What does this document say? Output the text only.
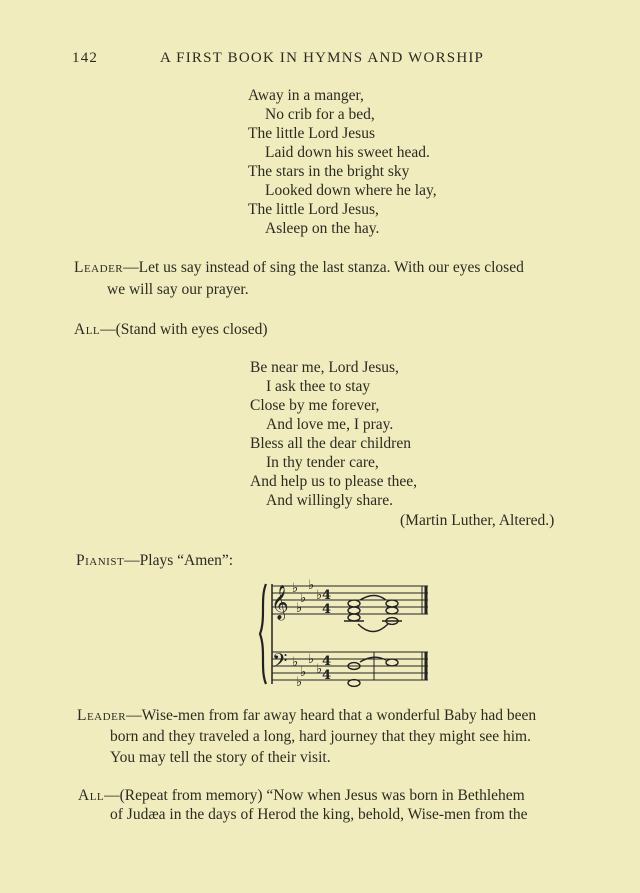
142	A FIRST BOOK IN HYMNS AND WORSHIP
Away in a manger,
No crib for a bed,
The little Lord Jesus
Laid down his sweet head.
The stars in the bright sky
Looked down where he lay,
The little Lord Jesus,
Asleep on the hay.
Leader—Let us say instead of sing the last stanza. With our eyes closed
we will say our prayer.
All—(Stand with eyes closed)
Be near me, Lord Jesus,
I ask thee to stay
Close by me forever,
And love me, I pray.
Bless all the dear children
In thy tender care,
And help us to please thee,
And willingly share.
(Martin Luther, Altered.)
Pianist—Plays “Amen”:
𝄞
𝄢
♭
♭
♭
♭
♭
♭
♭
♭
♭
♭
4
4
4
4
Leader—Wise-men from far away heard that a wonderful Baby had been
born and they traveled a long, hard journey that they might see him.
You may tell the story of their visit.
All—(Repeat from memory) “Now when Jesus was born in Bethlehem
of Judæa in the days of Herod the king, behold, Wise-men from the
